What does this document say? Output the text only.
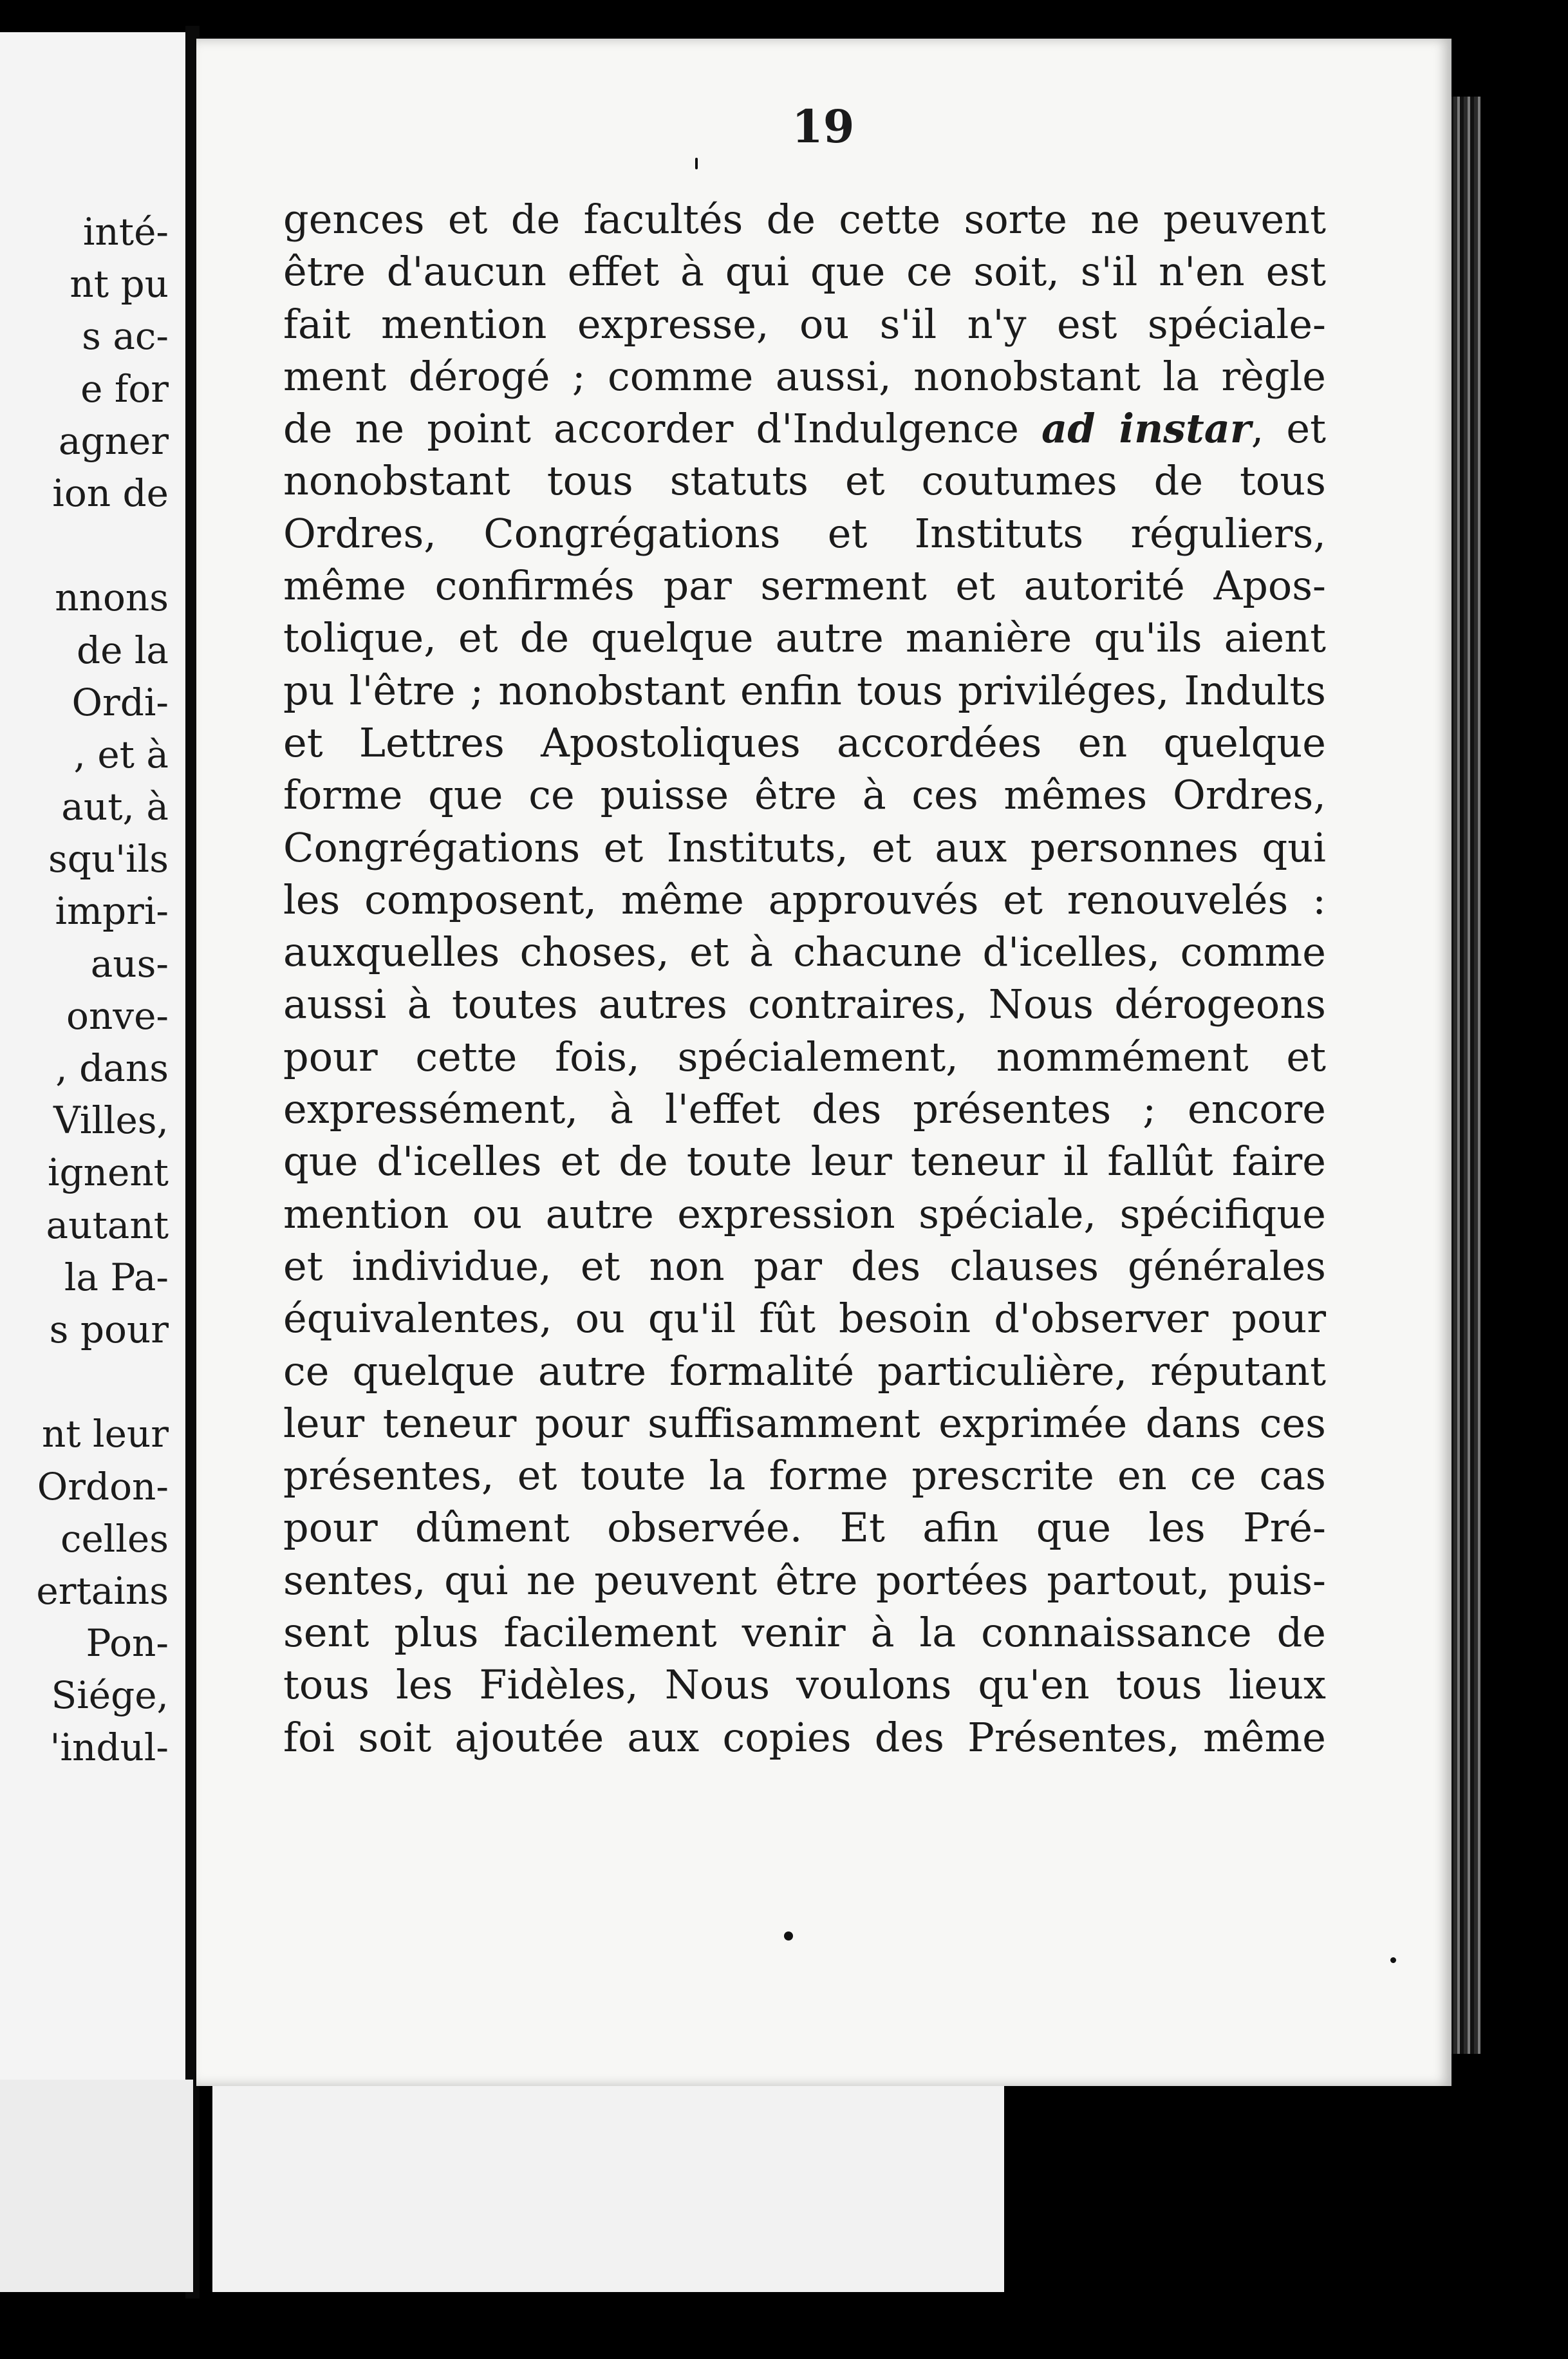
inté-
nt pu
s ac-
e for
agner
ion de
nnons
de la
Ordi-
, et à
aut, à
squ'ils
impri-
aus-
onve-
, dans
Villes,
ignent
autant
la Pa-
s pour
nt leur
Ordon-
celles
ertains
Pon-
Siége,
'indul-
19
gences et de facultés de cette sorte ne peuvent
être d'aucun effet à qui que ce soit, s'il n'en est
fait mention expresse, ou s'il n'y est spéciale-
ment dérogé ; comme aussi, nonobstant la règle
de ne point accorder d'Indulgence ad instar, et
nonobstant tous statuts et coutumes de tous
Ordres, Congrégations et Instituts réguliers,
même confirmés par serment et autorité Apos-
tolique, et de quelque autre manière qu'ils aient
pu l'être ; nonobstant enfin tous priviléges, Indults
et Lettres Apostoliques accordées en quelque
forme que ce puisse être à ces mêmes Ordres,
Congrégations et Instituts, et aux personnes qui
les composent, même approuvés et renouvelés :
auxquelles choses, et à chacune d'icelles, comme
aussi à toutes autres contraires, Nous dérogeons
pour cette fois, spécialement, nommément et
expressément, à l'effet des présentes ; encore
que d'icelles et de toute leur teneur il fallût faire
mention ou autre expression spéciale, spécifique
et individue, et non par des clauses générales
équivalentes, ou qu'il fût besoin d'observer pour
ce quelque autre formalité particulière, réputant
leur teneur pour suffisamment exprimée dans ces
présentes, et toute la forme prescrite en ce cas
pour dûment observée. Et afin que les Pré-
sentes, qui ne peuvent être portées partout, puis-
sent plus facilement venir à la connaissance de
tous les Fidèles, Nous voulons qu'en tous lieux
foi soit ajoutée aux copies des Présentes, même
